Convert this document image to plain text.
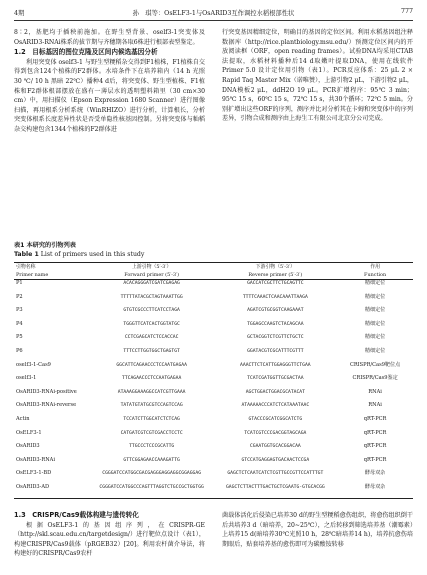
4期	孙　琪等：OsELF3-1与OsARID3互作调控水稻根部性状	777

8∶2，基肥均于插秧前施加。在野生型背景、oself3-1突变体及OsARID3-RNAi株系的拔节期与齐穗期各取6株进行根部表型鉴定。

1.2　目标基因的图位克隆及区间内候选基因分析

利用突变体 oself3-1 与野生型粳稻杂交得到F1植株，F1植株自交得到包含124个植株的F2群体。水培条件下在培养箱内（14 h 光照 30 ℃/ 10 h 黑暗 22℃）播种4 d后，将突变体、野生型植株、F1植株和F2群体根部摆放在盛有一薄层水的透明塑料箱里（30 cm×30 cm）中，用扫描仪（Epson Expression 1680 Scanner）进行图像扫描，再用根系分析系统（WinRHIZO）进行分析，计算根长，分析突变体根系长度差异性状是否受单隐性核基因控制。另将突变体与籼稻杂交构建包含1344个植株的F2群体进

行突变基因精细定位，明确目的基因的定位区间。利用水稻基因组注释数据库（http://rice.plantbiology.msu.edu/）预测定位区间内的开放阅读框（ORF，open reading frames）。试验DNA均采用CTAB法提取，水稻材料播种后14 d取嫩叶提取DNA，使用在线软件 Primer 5.0 设计定位用引物（表1）。PCR反应体系：25 μL 2 × Rapid Taq Master Mix（诺唯赞），上游引物2 μL，下游引物2 μL，DNA模板2 μL，ddH2O 19 μL。PCR扩增程序：95℃ 3 min；95℃ 15 s，60℃ 15 s，72℃ 15 s，共30个循环；72℃ 5 min。分别扩增出这些ORF的序列，测序并比对分析其在卡姆和突变体中的序列差异，引物合成和测序由上海生工有限公司北京分公司完成。

表1 本研究的引物列表
Table 1 List of primers used in this study
引物名称	上游引物（5′-3′）	下游引物（5′-3′）	作用
Primer name	Forward primer (5′-3′)	Reverse primer (5′-3′)	Function
P1	ACACAGGGATCGATCGAGAG	GACCATCGCTTCTGCAGTTC	精细定位
P2	TTTTTATACGCTAGTAAATTGG	TTTTCAAACTCAACAAATTAAGA	精细定位
P3	GTGTCGCCCTTCATCCTAGA	AGATCGTGCGGTCAAGAAAT	精细定位
P4	TGGGTTCATCACTGGTATGC	TGGAGCCAAGTCTACAGCAA	精细定位
P5	CCTCGAGCATCTCCACCAC	GCTACGGTCTCGTTCTGCTC	精细定位
P6	TTTCCTTGGTGGCTGAGTGT	GGATACGTCGCATTTCGTTT	精细定位
oself3-1-Cas9	GGCATTCAGAACCCTCCAATGAGAA	AAACTTCTCATTGGAGGGTTCTGAA	CRISPR/Cas9靶位点
oself3-1	TTCAGAACCCTCCAATGAGAA	TCATCGATGGTTGCGACTAA	CRISPR/Cas9鉴定
OsARID3-RNAi-positive	ATAAAGGAAAGGCCATCGTTGAAA	AGCTGGACTGGACGCATACAT	RNAi
OsARID3-RNAi-reverse	TATATGTATGCGTCCAGTCCAG	ATAAAAACCCATCTCATAAATAAC	RNAi
Actin	TCCATCTTGGCATCTCTCAG	GTACCCGCATCGGCATCTG	qRT-PCR
OsELF3-1	CATGATCGTCGTCGACCTCCTC	TCATCGTCCCGACGGTAGCAGA	qRT-PCR
OsARID3	TTGCCCTCCCGCATTG	CGAATGGTGCACGGACAA	qRT-PCR
OsARID3-RNAi	GTTCGGAGAACCAAAGATTG	GTCCATGAGGAGTGACAACTCCGA	qRT-PCR
OsELF3-1-BD	CGGGATCCATGGCGACGAGGGAGGAGGCGGAGGAG	GAGCTCTCAATCATCTCGTTGCCGTTCCATTTGT	酵母双杂
OsARID3-AD	CGGGATCCATGGCCCAGTTTAGGTCTGCCGCTGGTGG	GAGCTCTTACTTTGACTGCTCGAATG-GTGCACGG	酵母双杂
1.3　CRISPR/Cas9载体构建与遗传转化

根据OsELF3-1的基因组序列，在CRISPR-GE（http://skl.scau.edu.cn/targetdesign/）进行靶位点设计（表1），构建CRISPR/Cas9载体（pRGEB32）[20]。利用农杆菌介导法，将构建好的CRISPR/Cas9农杆

菌载体活化后侵染已培养30 d的野生型粳稻愈伤组织，将愈伤组织倒干后共培养3 d（暗培养，20~25℃），之后转移到筛选培养基（潮霉素）上培养15 d(暗培养30℃光照10 h，28℃暗培养14 h)，培养抗愈伤培期眼后，贴套培养基的愈伤即可为碳酸铵转移
